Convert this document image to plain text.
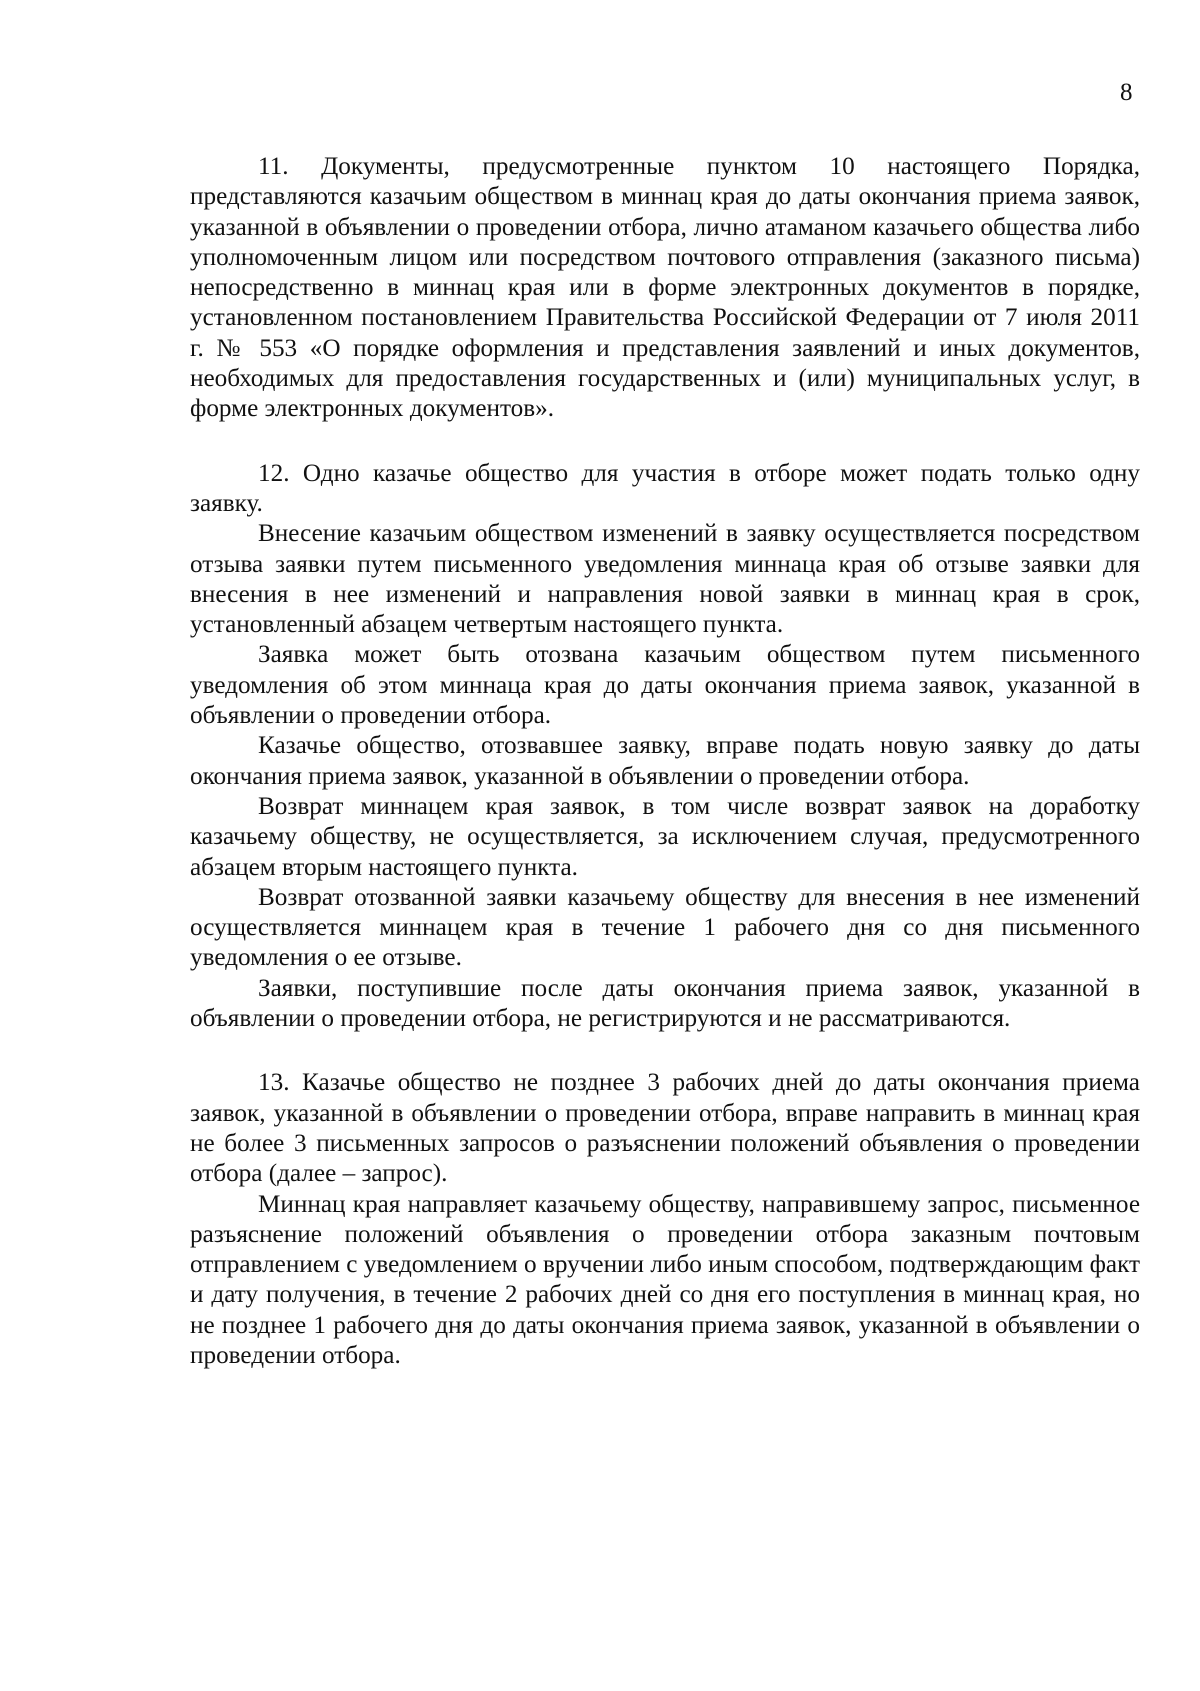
8

11. Документы, предусмотренные пунктом 10 настоящего Порядка, представляются казачьим обществом в миннац края до даты окончания приема заявок, указанной в объявлении о проведении отбора, лично атаманом казачьего общества либо уполномоченным лицом или посредством почтового отправления (заказного письма) непосредственно в миннац края или в форме электронных документов в порядке, установленном постановлением Правительства Российской Федерации от 7 июля 2011 г. № 553 «О порядке оформления и представления заявлений и иных документов, необходимых для предоставления государственных и (или) муниципальных услуг, в форме электронных документов».

12. Одно казачье общество для участия в отборе может подать только одну заявку.

Внесение казачьим обществом изменений в заявку осуществляется посредством отзыва заявки путем письменного уведомления миннаца края об отзыве заявки для внесения в нее изменений и направления новой заявки в миннац края в срок, установленный абзацем четвертым настоящего пункта.

Заявка может быть отозвана казачьим обществом путем письменного уведомления об этом миннаца края до даты окончания приема заявок, указанной в объявлении о проведении отбора.

Казачье общество, отозвавшее заявку, вправе подать новую заявку до даты окончания приема заявок, указанной в объявлении о проведении отбора.

Возврат миннацем края заявок, в том числе возврат заявок на доработку казачьему обществу, не осуществляется, за исключением случая, предусмотренного абзацем вторым настоящего пункта.

Возврат отозванной заявки казачьему обществу для внесения в нее изменений осуществляется миннацем края в течение 1 рабочего дня со дня письменного уведомления о ее отзыве.

Заявки, поступившие после даты окончания приема заявок, указанной в объявлении о проведении отбора, не регистрируются и не рассматриваются.

13. Казачье общество не позднее 3 рабочих дней до даты окончания приема заявок, указанной в объявлении о проведении отбора, вправе направить в миннац края не более 3 письменных запросов о разъяснении положений объявления о проведении отбора (далее – запрос).

Миннац края направляет казачьему обществу, направившему запрос, письменное разъяснение положений объявления о проведении отбора заказным почтовым отправлением с уведомлением о вручении либо иным способом, подтверждающим факт и дату получения, в течение 2 рабочих дней со дня его поступления в миннац края, но не позднее 1 рабочего дня до даты окончания приема заявок, указанной в объявлении о проведении отбора.
